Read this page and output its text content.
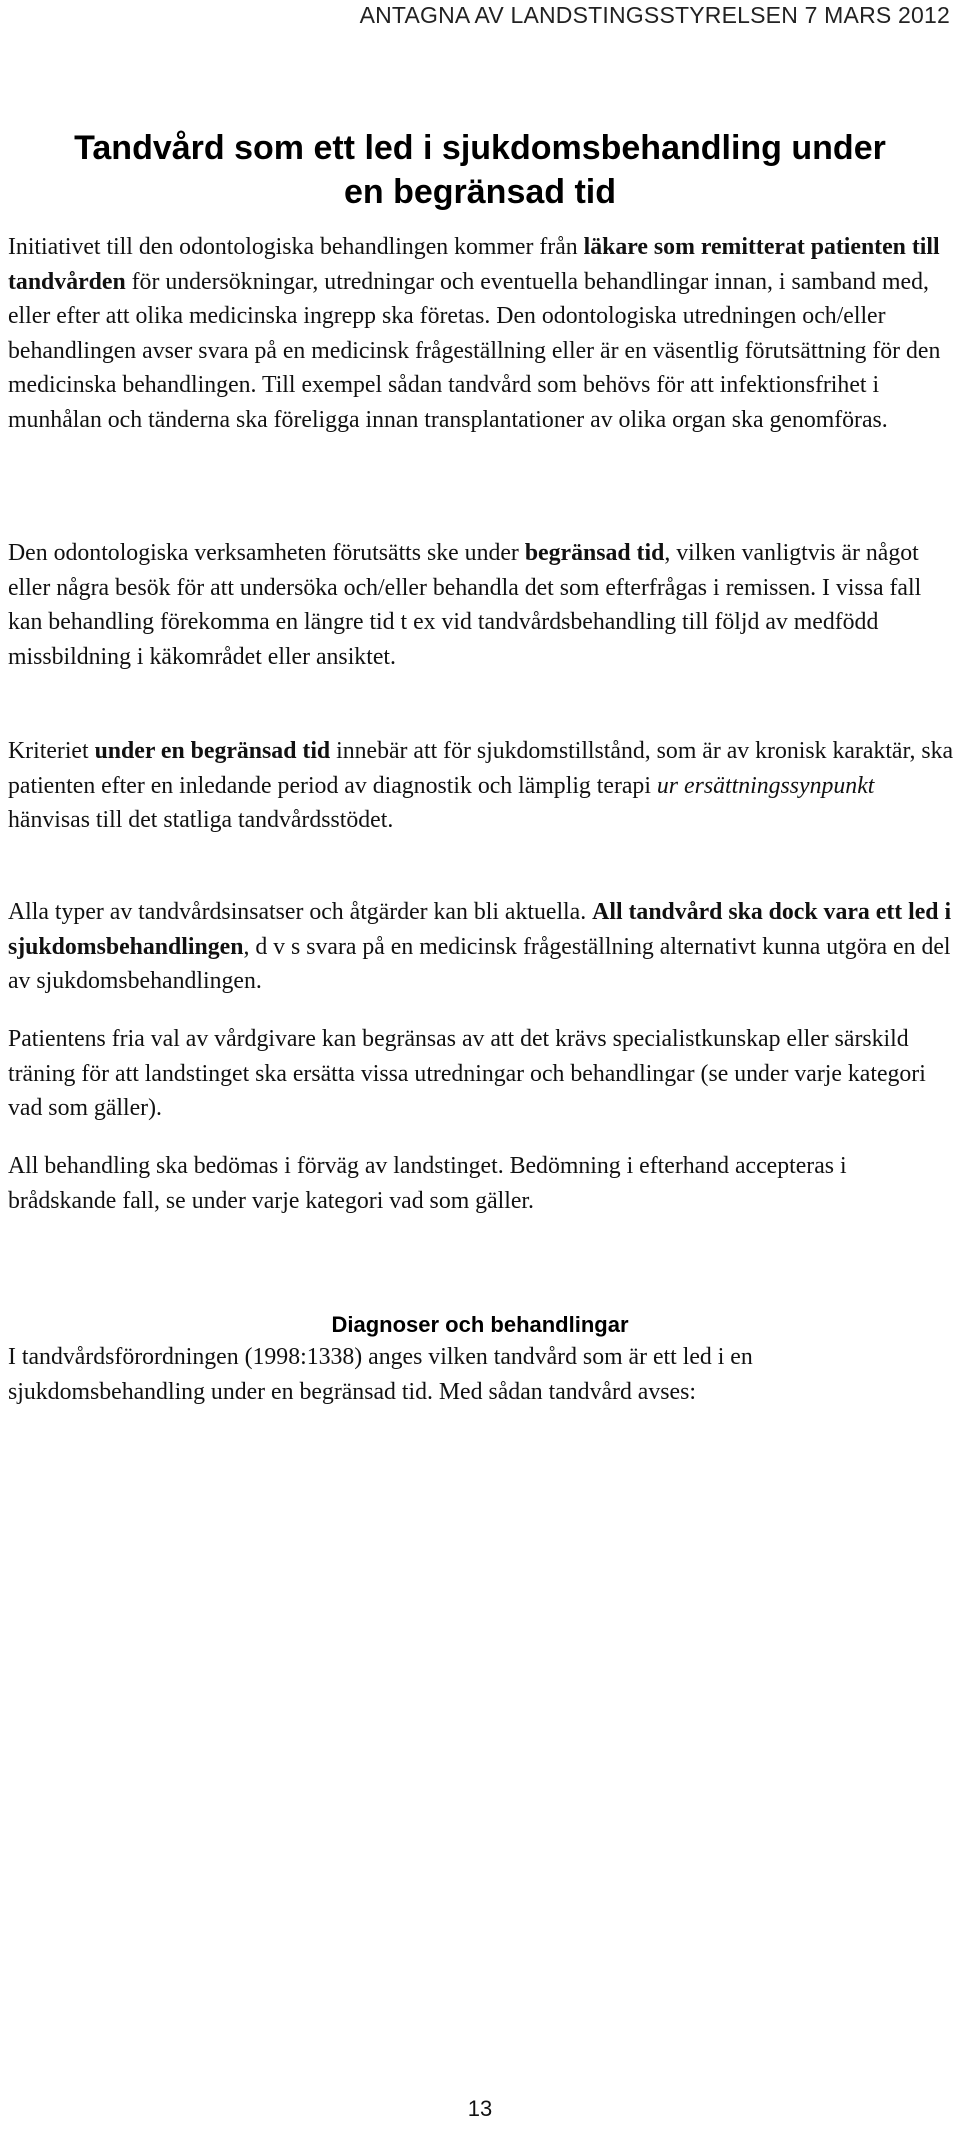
ANTAGNA AV LANDSTINGSSTYRELSEN 7 MARS 2012
Tandvård som ett led i sjukdomsbehandling under
en begränsad tid

Initiativet till den odontologiska behandlingen kommer från läkare som remitterat patienten till tandvården för undersökningar, utredningar och eventuella behandlingar innan, i samband med, eller efter att olika medicinska ingrepp ska företas. Den odontologiska utredningen och/eller behandlingen avser svara på en medicinsk frågeställning eller är en väsentlig förutsättning för den medicinska behandlingen. Till exempel sådan tandvård som behövs för att infektionsfrihet i munhålan och tänderna ska föreligga innan transplantationer av olika organ ska genomföras.

Den odontologiska verksamheten förutsätts ske under begränsad tid, vilken vanligtvis är något eller några besök för att undersöka och/eller behandla det som efterfrågas i remissen. I vissa fall kan behandling förekomma en längre tid t ex vid tandvårdsbehandling till följd av medfödd missbildning i käkområdet eller ansiktet.

Kriteriet under en begränsad tid innebär att för sjukdomstillstånd, som är av kronisk karaktär, ska patienten efter en inledande period av diagnostik och lämplig terapi ur ersättningssynpunkt hänvisas till det statliga tandvårdsstödet.

Alla typer av tandvårdsinsatser och åtgärder kan bli aktuella. All tandvård ska dock vara ett led i sjukdomsbehandlingen, d v s svara på en medicinsk frågeställning alternativt kunna utgöra en del av sjukdomsbehandlingen.

Patientens fria val av vårdgivare kan begränsas av att det krävs specialistkunskap eller särskild träning för att landstinget ska ersätta vissa utredningar och behandlingar (se under varje kategori vad som gäller).

All behandling ska bedömas i förväg av landstinget. Bedömning i efterhand accepteras i brådskande fall, se under varje kategori vad som gäller.

Diagnoser och behandlingar

I tandvårdsförordningen (1998:1338) anges vilken tandvård som är ett led i en sjukdomsbehandling under en begränsad tid. Med sådan tandvård avses:

13
